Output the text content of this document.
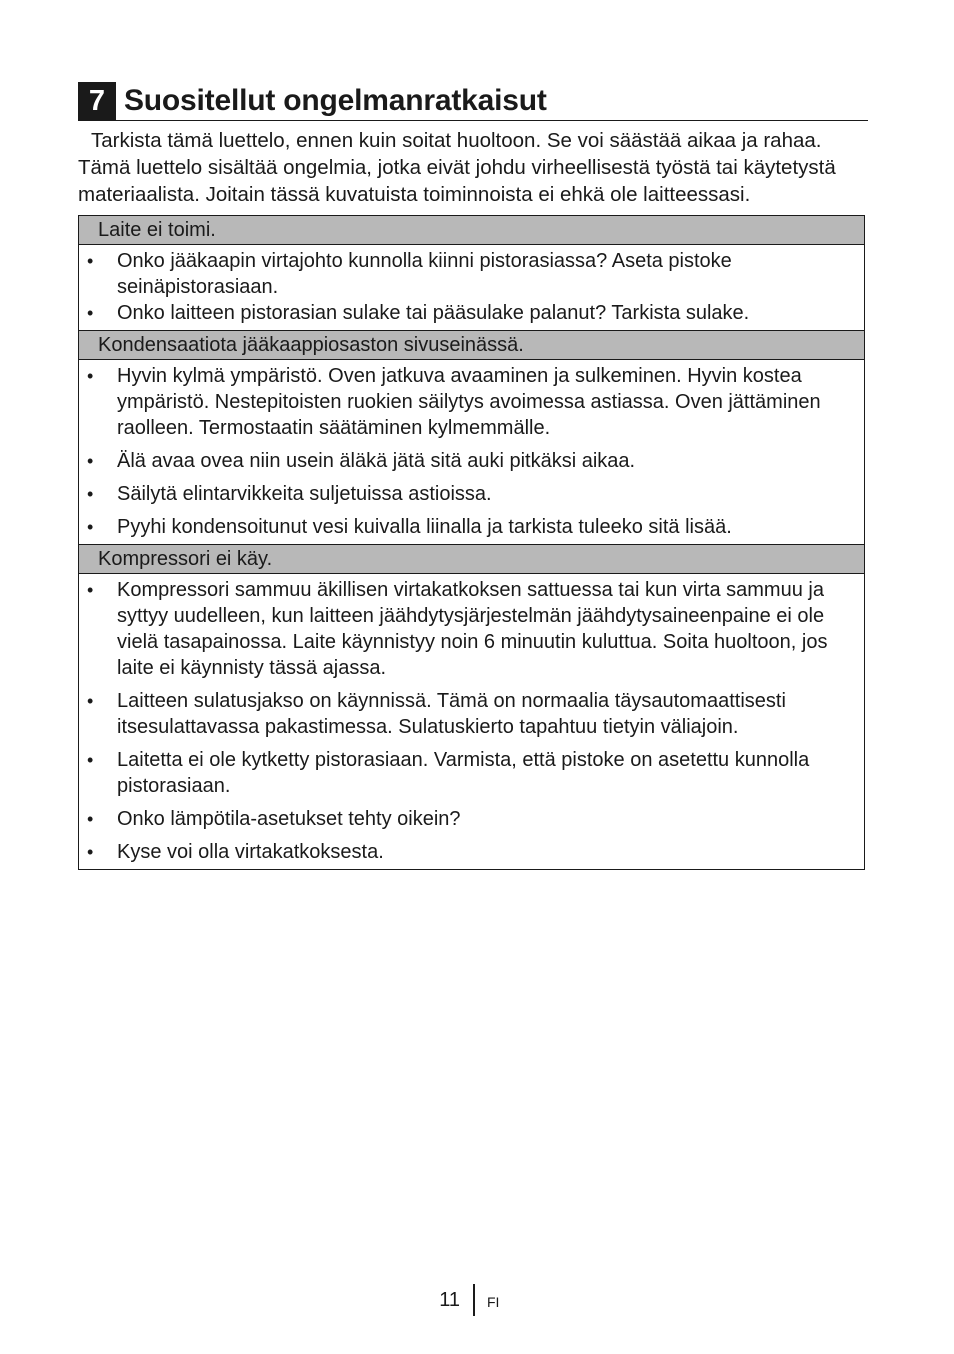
7 Suositellut ongelmanratkaisut

Tarkista tämä luettelo, ennen kuin soitat huoltoon. Se voi säästää aikaa ja rahaa. Tämä luettelo sisältää ongelmia, jotka eivät johdu virheellisestä työstä tai käytetystä materiaalista. Joitain tässä kuvatuista toiminnoista ei ehkä ole laitteessasi.

Laite ei toimi.
• Onko jääkaapin virtajohto kunnolla kiinni pistorasiassa? Aseta pistoke seinäpistorasiaan.
• Onko laitteen pistorasian sulake tai pääsulake palanut? Tarkista sulake.
Kondensaatiota jääkaappiosaston sivuseinässä.
• Hyvin kylmä ympäristö. Oven jatkuva avaaminen ja sulkeminen. Hyvin kostea ympäristö. Nestepitoisten ruokien säilytys avoimessa astiassa. Oven jättäminen raolleen. Termostaatin säätäminen kylmemmälle.
• Älä avaa ovea niin usein äläkä jätä sitä auki pitkäksi aikaa.
• Säilytä elintarvikkeita suljetuissa astioissa.
• Pyyhi kondensoitunut vesi kuivalla liinalla ja tarkista tuleeko sitä lisää.
Kompressori ei käy.
• Kompressori sammuu äkillisen virtakatkoksen sattuessa tai kun virta sammuu ja syttyy uudelleen, kun laitteen jäähdytysjärjestelmän jäähdytysaineenpaine ei ole vielä tasapainossa. Laite käynnistyy noin 6 minuutin kuluttua. Soita huoltoon, jos laite ei käynnisty tässä ajassa.
• Laitteen sulatusjakso on käynnissä. Tämä on normaalia täysautomaattisesti itsesulattavassa pakastimessa. Sulatuskierto tapahtuu tietyin väliajoin.
• Laitetta ei ole kytketty pistorasiaan. Varmista, että pistoke on asetettu kunnolla pistorasiaan.
• Onko lämpötila-asetukset tehty oikein?
• Kyse voi olla virtakatkoksesta.
11 FI
